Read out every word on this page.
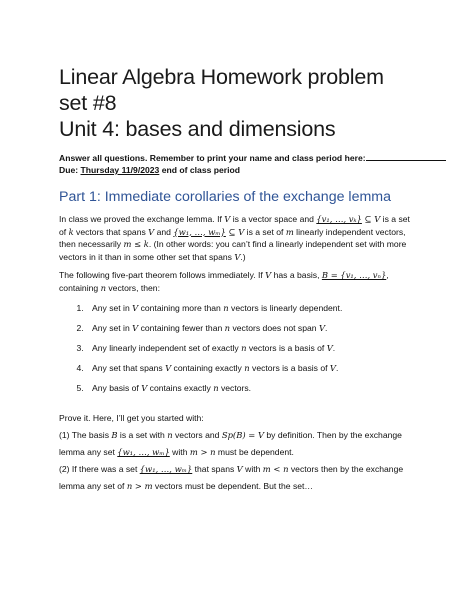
Linear Algebra Homework problem set #8
Unit 4: bases and dimensions
Answer all questions. Remember to print your name and class period here:
Due: Thursday 11/9/2023 end of class period
Part 1: Immediate corollaries of the exchange lemma

In class we proved the exchange lemma. If V is a vector space and {v₁, …, vₖ} ⊆ V is a set of k vectors that spans V and {w₁, …, wₘ} ⊆ V is a set of m linearly independent vectors, then necessarily m ≤ k. (In other words: you can’t find a linearly independent set with more vectors in it than in some other set that spans V.)

The following five-part theorem follows immediately. If V has a basis, B = {v₁, …, vₙ}, containing n vectors, then:

1. Any set in V containing more than n vectors is linearly dependent.
2. Any set in V containing fewer than n vectors does not span V.
3. Any linearly independent set of exactly n vectors is a basis of V.
4. Any set that spans V containing exactly n vectors is a basis of V.
5. Any basis of V contains exactly n vectors.

Prove it. Here, I’ll get you started with:

(1) The basis B is a set with n vectors and Sp(B) = V by definition. Then by the exchange lemma any set {w₁, …, wₘ} with m > n must be dependent.

(2) If there was a set {w₁, …, wₘ} that spans V with m < n vectors then by the exchange lemma any set of n > m vectors must be dependent. But the set…
